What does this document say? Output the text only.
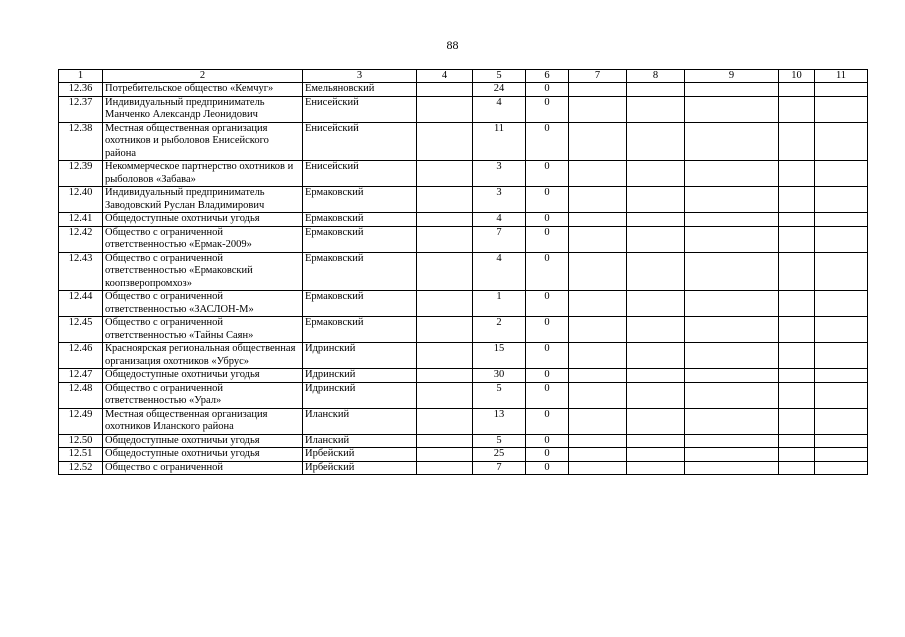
88
1	2	3	4	5	6	7	8	9	10	11
12.36	Потребительское общество «Кемчуг»	Емельяновский		24	0					
12.37	Индивидуальный предприниматель Манченко Александр Леонидович	Енисейский		4	0					
12.38	Местная общественная организация охотников и рыболовов Енисейского района	Енисейский		11	0					
12.39	Некоммерческое партнерство охотников и рыболовов «Забава»	Енисейский		3	0					
12.40	Индивидуальный предприниматель Заводовский Руслан Владимирович	Ермаковский		3	0					
12.41	Общедоступные охотничьи угодья	Ермаковский		4	0					
12.42	Общество с ограниченной ответственностью «Ермак-2009»	Ермаковский		7	0					
12.43	Общество с ограниченной ответственностью «Ермаковский коопзверопромхоз»	Ермаковский		4	0					
12.44	Общество с ограниченной ответственностью «ЗАСЛОН-М»	Ермаковский		1	0					
12.45	Общество с ограниченной ответственностью «Тайны Саян»	Ермаковский		2	0					
12.46	Красноярская региональная общественная организация охотников «Убрус»	Идринский		15	0					
12.47	Общедоступные охотничьи угодья	Идринский		30	0					
12.48	Общество с ограниченной ответственностью «Урал»	Идринский		5	0					
12.49	Местная общественная организация охотников Иланского района	Иланский		13	0					
12.50	Общедоступные охотничьи угодья	Иланский		5	0					
12.51	Общедоступные охотничьи угодья	Ирбейский		25	0					
12.52	Общество с ограниченной	Ирбейский		7	0					
